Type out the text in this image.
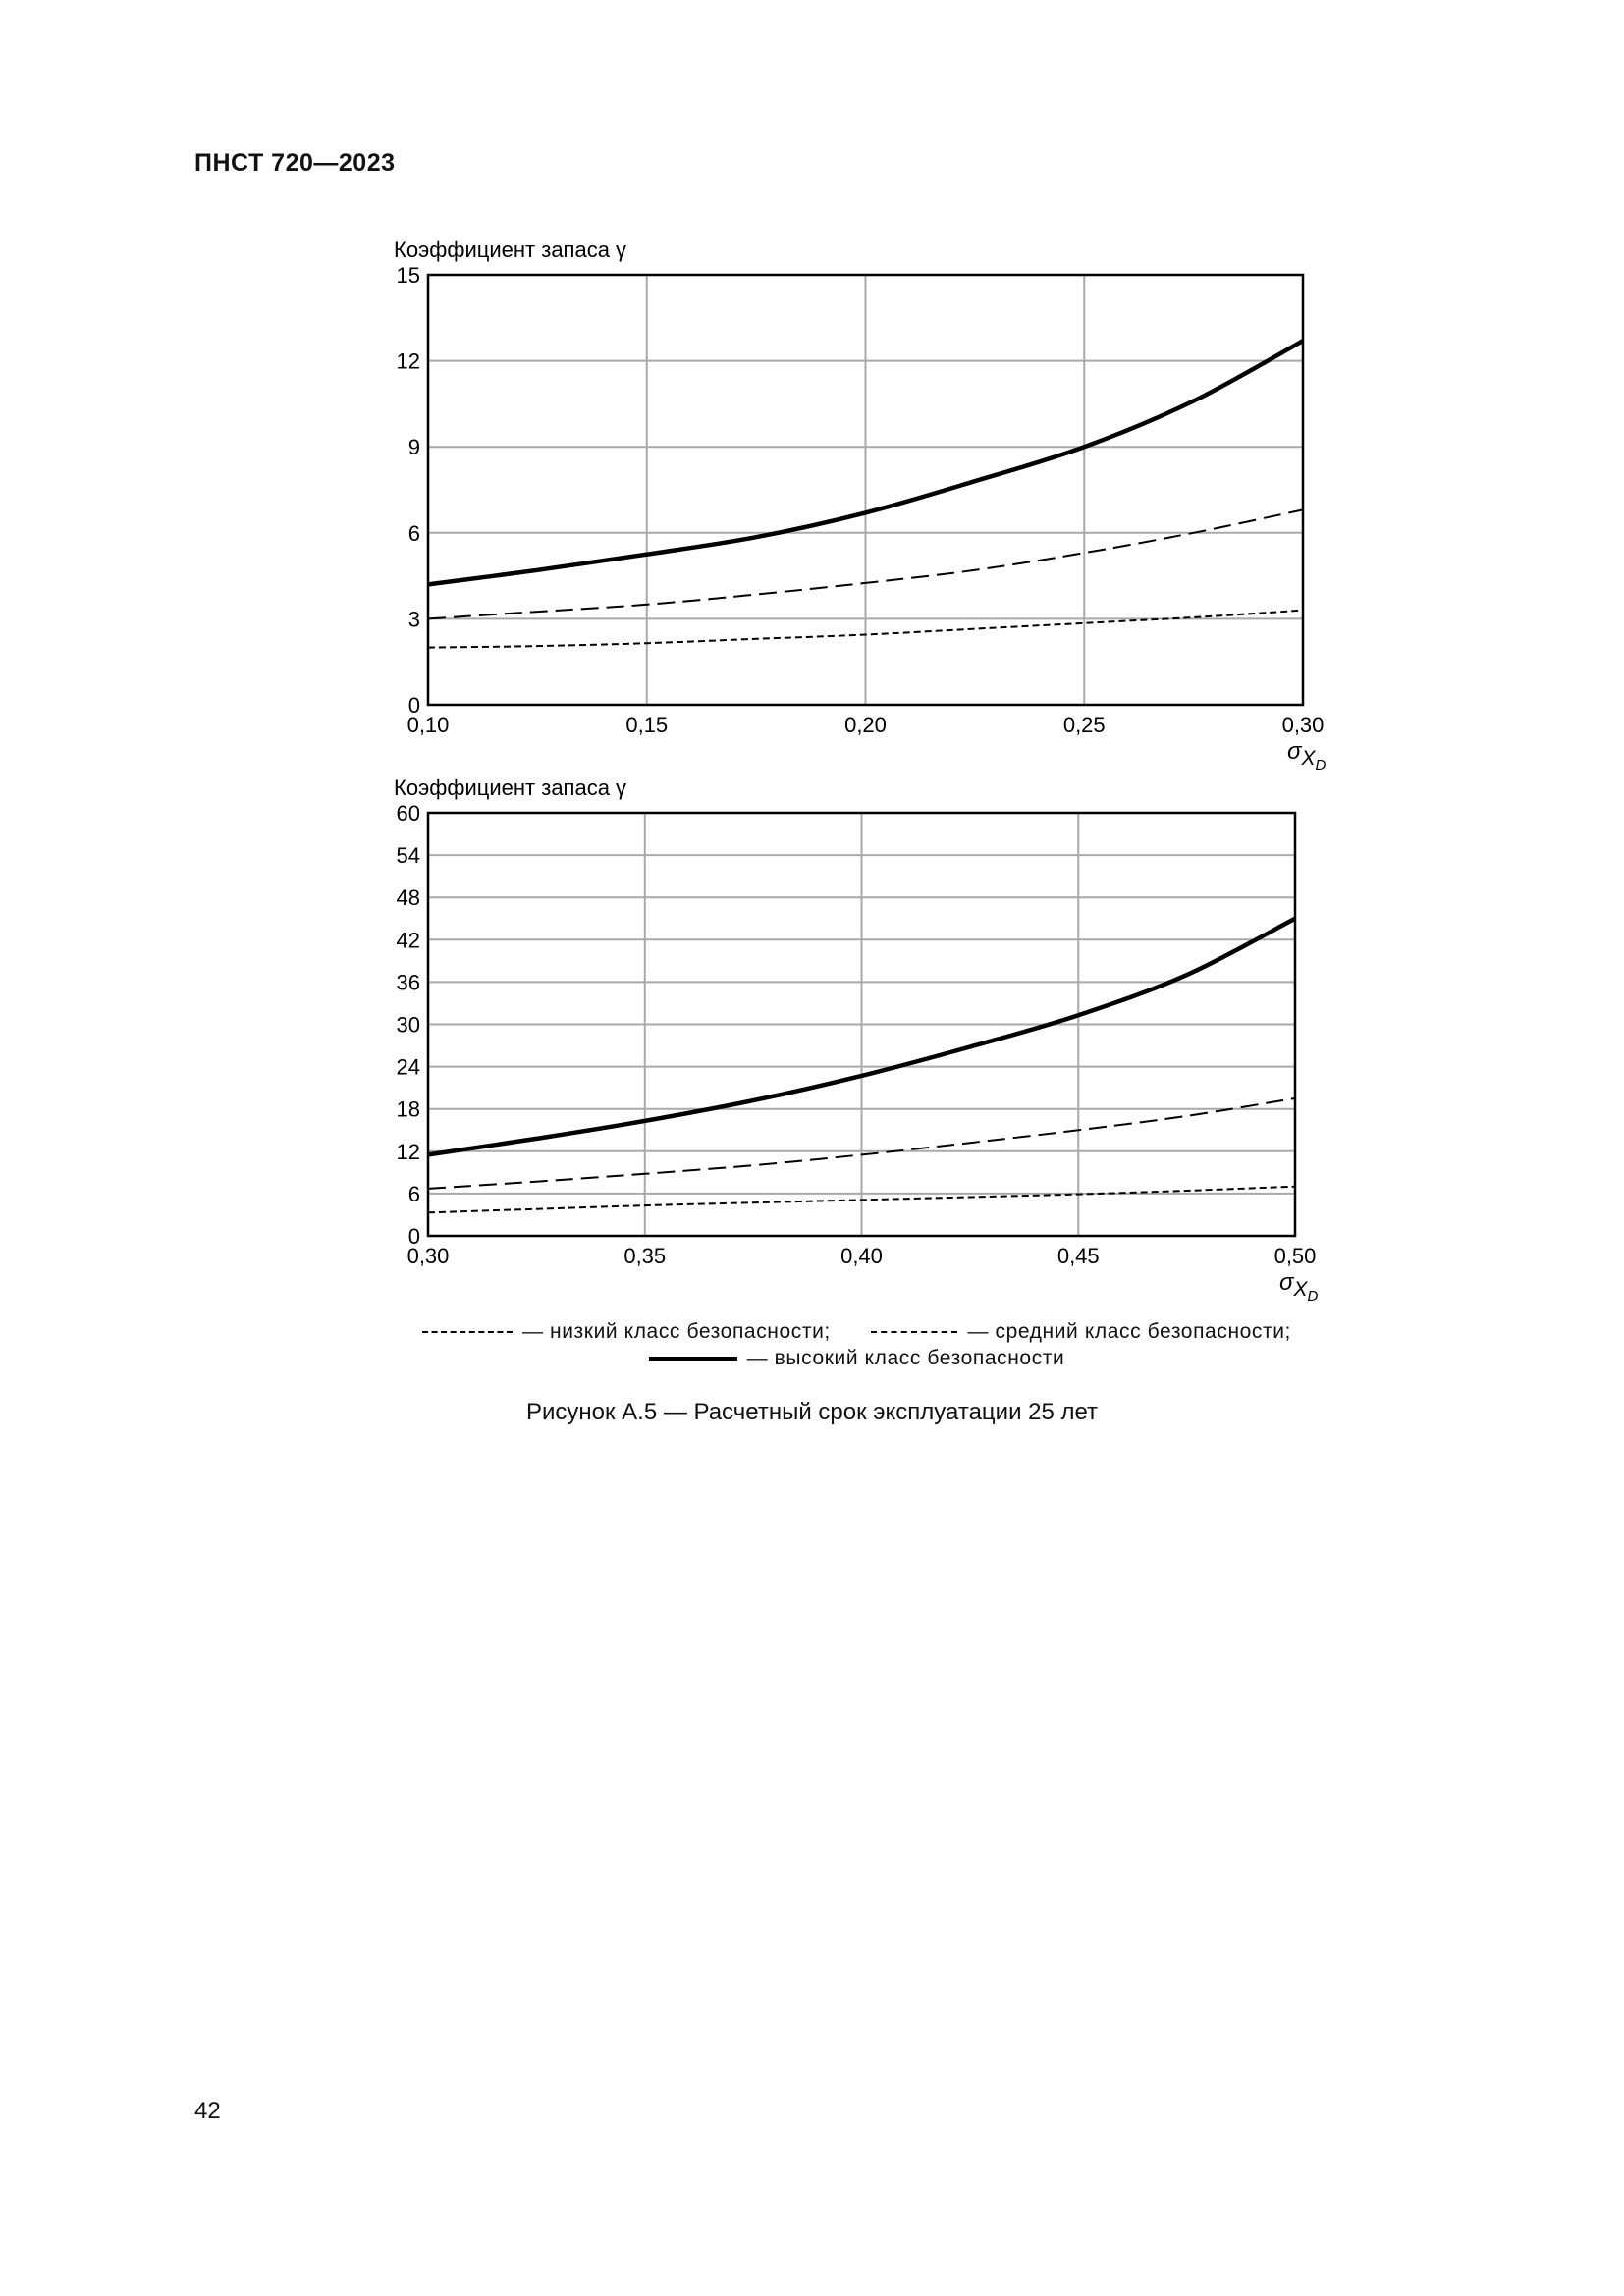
ПНСТ 720—2023
Коэффициент запаса γ
0,10	0,15	0,20	0,25	0,30
0
3
6
9
12
15
$\sigma X_D$
Коэффициент запаса γ
0,30	0,35	0,40	0,45	0,50
0
6
12
18
24
30
36
42
48
54
60
$\sigma X_D$
— низкий класс безопасности;	— средний класс безопасности;
— высокий класс безопасности
Рисунок А.5 — Расчетный срок эксплуатации 25 лет
42
